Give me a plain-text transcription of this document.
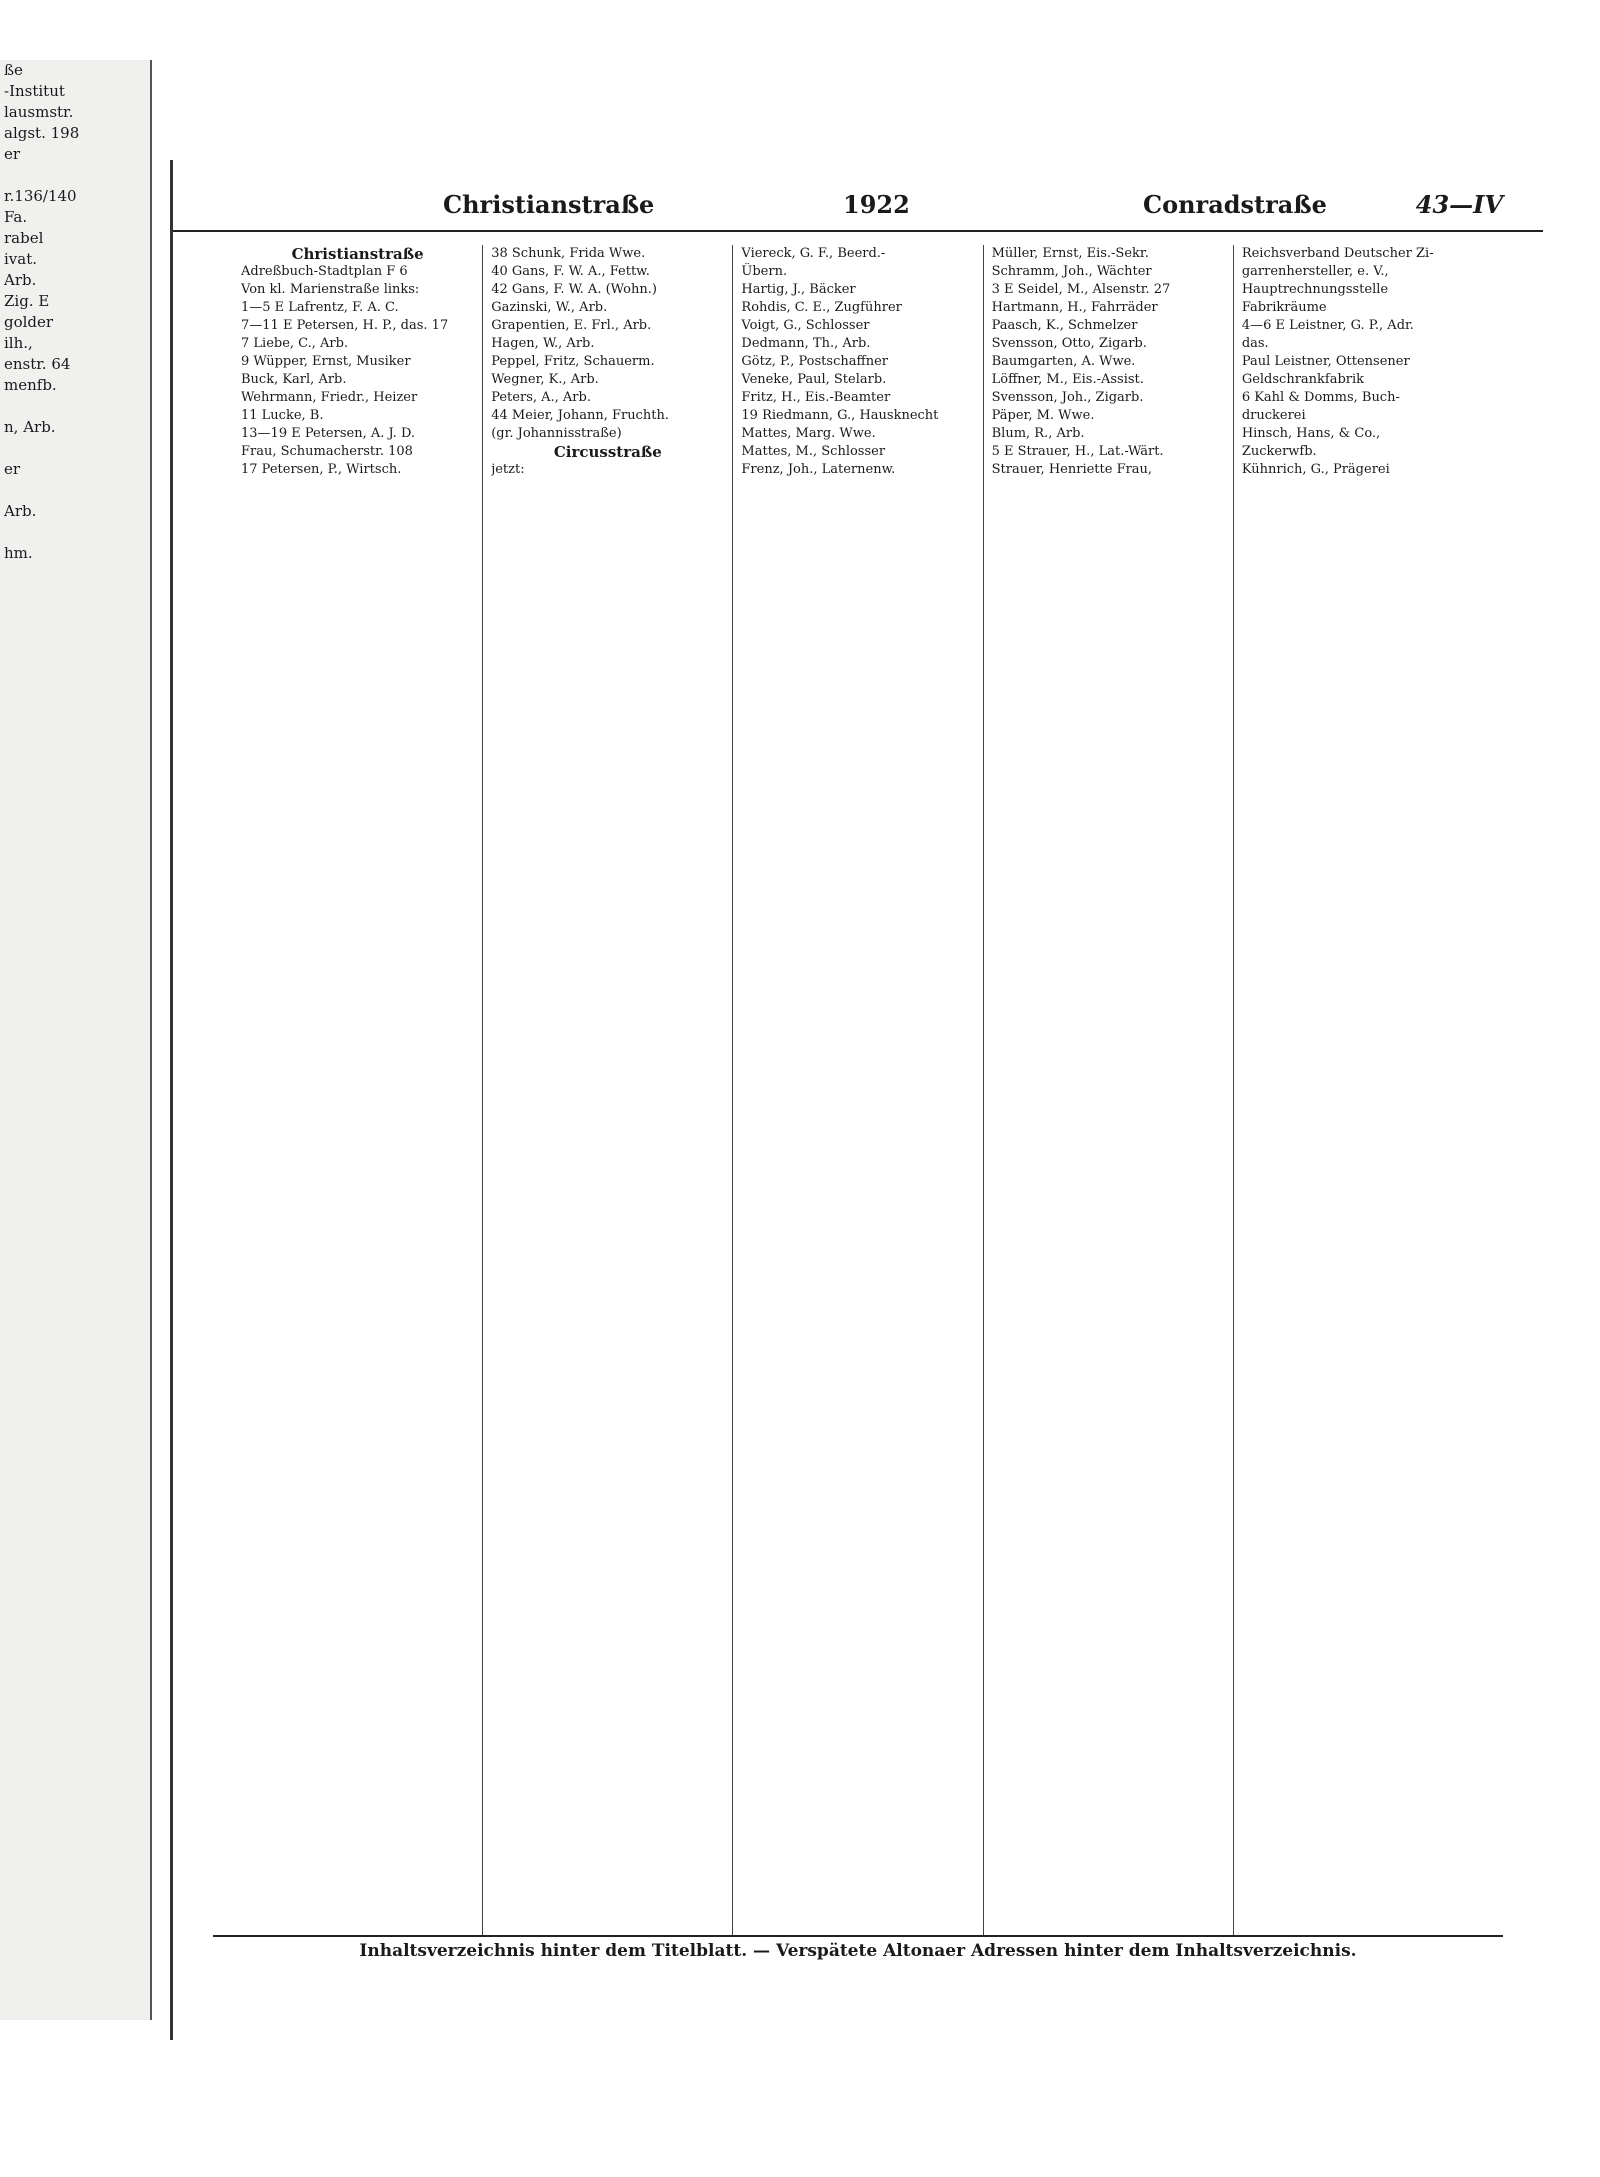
ße
-Institut
lausmstr.
algst. 198
er
r.136/140
Fa.
rabel
ivat.
Arb.
Zig. E
golder
ilh.,
enstr. 64
menfb.
n, Arb.
er
Arb.
hm.
Christianstraße	1922	Conradstraße	43—IV
Christianstraße
Adreßbuch-Stadtplan F 6
Von kl. Marienstraße links:
1—5 E Lafrentz, F. A. C.
7—11 E Petersen, H. P., das. 17
7 Liebe, C., Arb.
9 Wüpper, Ernst, Musiker
Buck, Karl, Arb.
Wehrmann, Friedr., Heizer
11 Lucke, B.
13—19 E Petersen, A. J. D.
Frau, Schumacherstr. 108
17 Petersen, P., Wirtsch.
38 Schunk, Frida Wwe.
40 Gans, F. W. A., Fettw.
42 Gans, F. W. A. (Wohn.)
Gazinski, W., Arb.
Grapentien, E. Frl., Arb.
Hagen, W., Arb.
Peppel, Fritz, Schauerm.
Wegner, K., Arb.
Peters, A., Arb.
44 Meier, Johann, Fruchth.
(gr. Johannisstraße)
Circusstraße
jetzt:
Viereck, G. F., Beerd.-
Übern.
Hartig, J., Bäcker
Rohdis, C. E., Zugführer
Voigt, G., Schlosser
Dedmann, Th., Arb.
Götz, P., Postschaffner
Veneke, Paul, Stelarb.
Fritz, H., Eis.-Beamter
19 Riedmann, G., Hausknecht
Mattes, Marg. Wwe.
Mattes, M., Schlosser
Frenz, Joh., Laternenw.
Müller, Ernst, Eis.-Sekr.
Schramm, Joh., Wächter
3 E Seidel, M., Alsenstr. 27
Hartmann, H., Fahrräder
Paasch, K., Schmelzer
Svensson, Otto, Zigarb.
Baumgarten, A. Wwe.
Löffner, M., Eis.-Assist.
Svensson, Joh., Zigarb.
Päper, M. Wwe.
Blum, R., Arb.
5 E Strauer, H., Lat.-Wärt.
Strauer, Henriette Frau,
Reichsverband Deutscher Zi-
garrenhersteller, e. V.,
Hauptrechnungsstelle
Fabrikräume
4—6 E Leistner, G. P., Adr.
das.
Paul Leistner, Ottensener
Geldschrankfabrik
6 Kahl & Domms, Buch-
druckerei
Hinsch, Hans, & Co.,
Zuckerwfb.
Kühnrich, G., Prägerei
Inhaltsverzeichnis hinter dem Titelblatt. — Verspätete Altonaer Adressen hinter dem Inhaltsverzeichnis.
